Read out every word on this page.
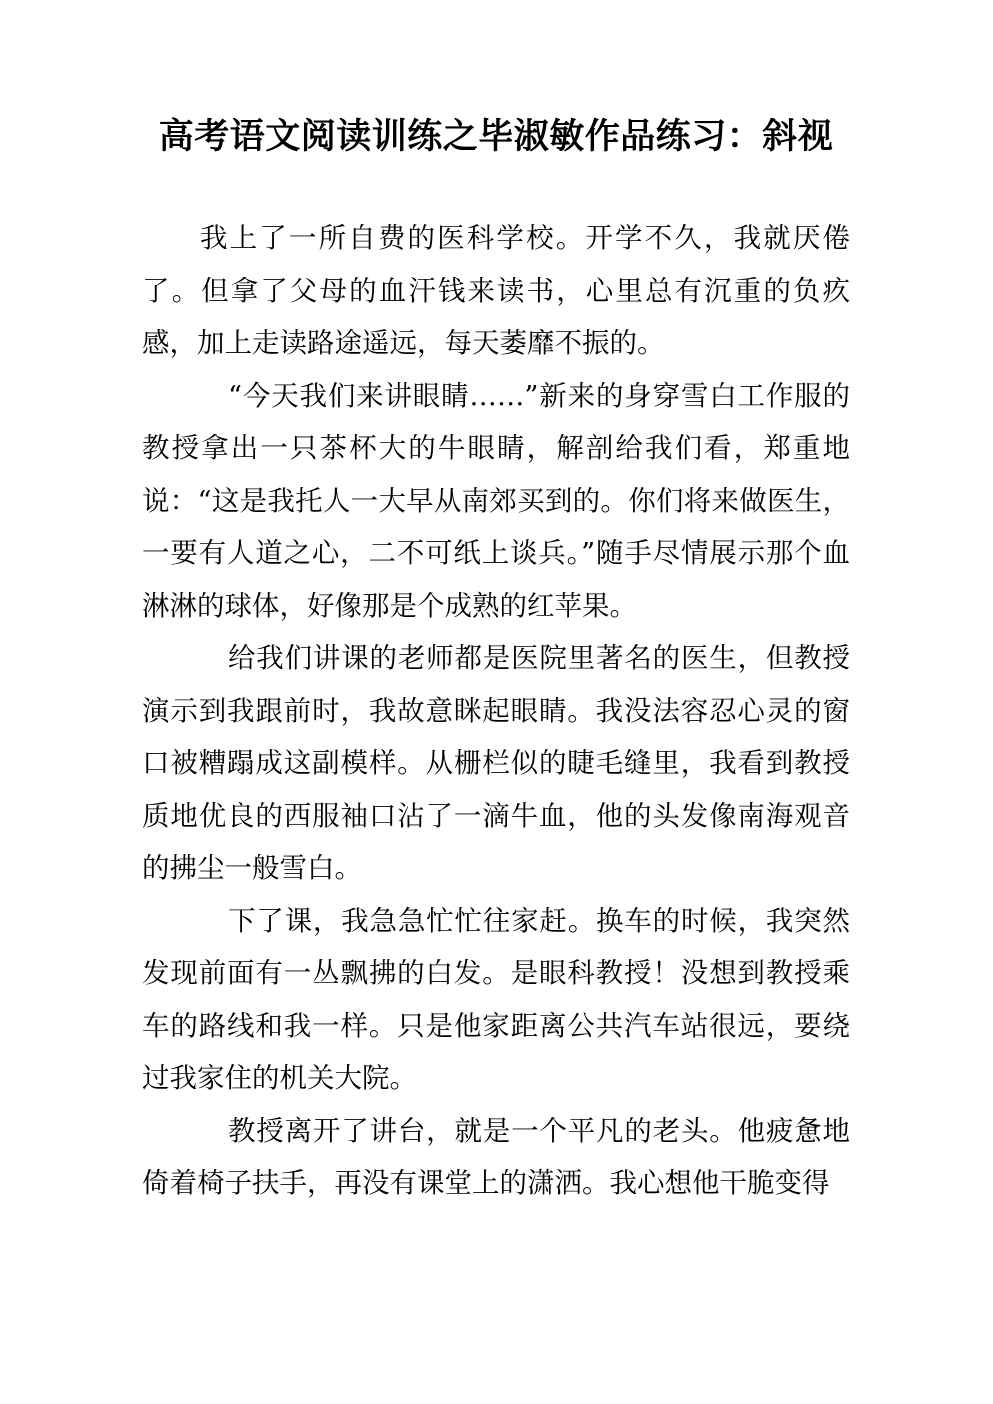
高考语文阅读训练之毕淑敏作品练习：斜视

我上了一所自费的医科学校。开学不久，我就厌倦了。但拿了父母的血汗钱来读书，心里总有沉重的负疚感，加上走读路途遥远，每天萎靡不振的。

“今天我们来讲眼睛……”新来的身穿雪白工作服的教授拿出一只茶杯大的牛眼睛，解剖给我们看，郑重地说：“这是我托人一大早从南郊买到的。你们将来做医生，一要有人道之心，二不可纸上谈兵。”随手尽情展示那个血淋淋的球体，好像那是个成熟的红苹果。

给我们讲课的老师都是医院里著名的医生，但教授演示到我跟前时，我故意眯起眼睛。我没法容忍心灵的窗口被糟蹋成这副模样。从栅栏似的睫毛缝里，我看到教授质地优良的西服袖口沾了一滴牛血，他的头发像南海观音的拂尘一般雪白。

下了课，我急急忙忙往家赶。换车的时候，我突然发现前面有一丛飘拂的白发。是眼科教授！没想到教授乘车的路线和我一样。只是他家距离公共汽车站很远，要绕过我家住的机关大院。

教授离开了讲台，就是一个平凡的老头。他疲惫地倚着椅子扶手，再没有课堂上的潇洒。我心想他干脆变得
